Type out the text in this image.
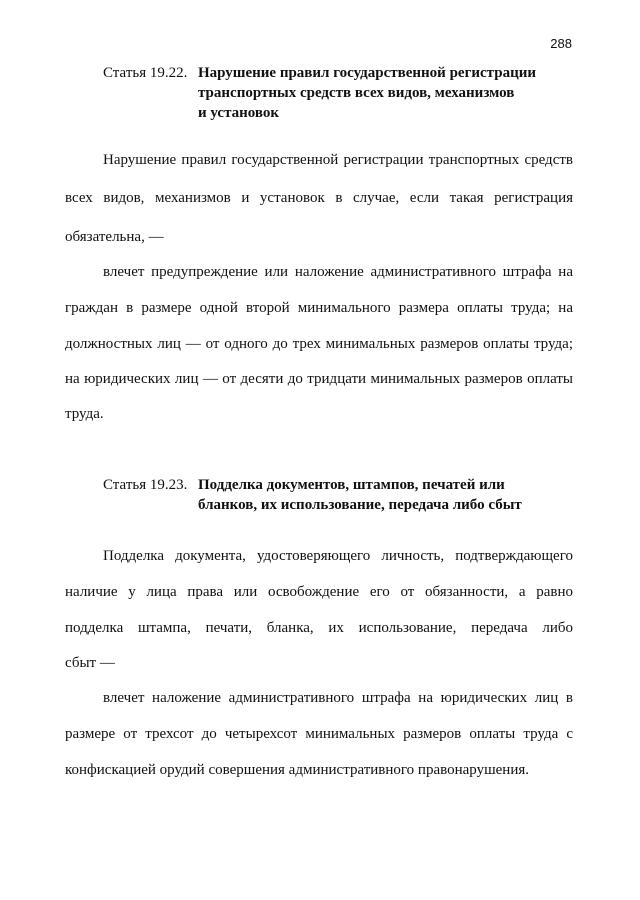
288
Статья 19.22. Нарушение правил государственной регистрации
транспортных средств всех видов, механизмов
и установок
Нарушение правил государственной регистрации транспортных средств
всех видов, механизмов и установок в случае, если такая регистрация
обязательна, —
влечет предупреждение или наложение административного штрафа на
граждан в размере одной второй минимального размера оплаты труда; на
должностных лиц — от одного до трех минимальных размеров оплаты труда;
на юридических лиц — от десяти до тридцати минимальных размеров оплаты
труда.
Статья 19.23. Подделка документов, штампов, печатей или
бланков, их использование, передача либо сбыт
Подделка документа, удостоверяющего личность, подтверждающего
наличие у лица права или освобождение его от обязанности, а равно
подделка штампа, печати, бланка, их использование, передача либо
сбыт —
влечет наложение административного штрафа на юридических лиц в
размере от трехсот до четырехсот минимальных размеров оплаты труда с
конфискацией орудий совершения административного правонарушения.
